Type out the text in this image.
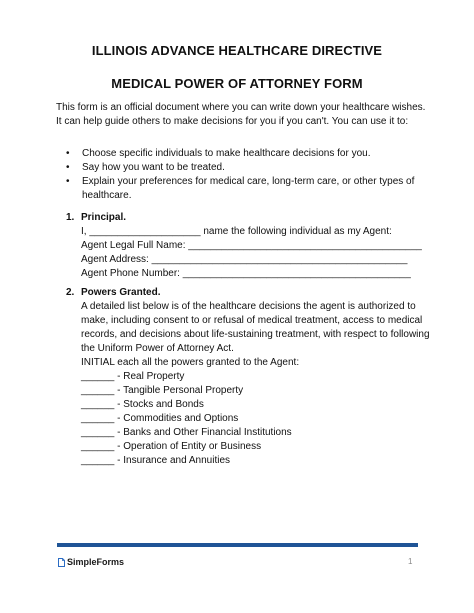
ILLINOIS ADVANCE HEALTHCARE DIRECTIVE
MEDICAL POWER OF ATTORNEY FORM
This form is an official document where you can write down your healthcare wishes.
It can help guide others to make decisions for you if you can't. You can use it to:
• Choose specific individuals to make healthcare decisions for you.
• Say how you want to be treated.
• Explain your preferences for medical care, long-term care, or other types of healthcare.
1. Principal.
I, ____________________ name the following individual as my Agent:
Agent Legal Full Name: __________________________________________
Agent Address: ______________________________________________
Agent Phone Number: _________________________________________
2. Powers Granted.
A detailed list below is of the healthcare decisions the agent is authorized to make, including consent to or refusal of medical treatment, access to medical records, and decisions about life-sustaining treatment, with respect to following the Uniform Power of Attorney Act.
INITIAL each all the powers granted to the Agent:
______ - Real Property
______ - Tangible Personal Property
______ - Stocks and Bonds
______ - Commodities and Options
______ - Banks and Other Financial Institutions
______ - Operation of Entity or Business
______ - Insurance and Annuities
SimpleForms	1
